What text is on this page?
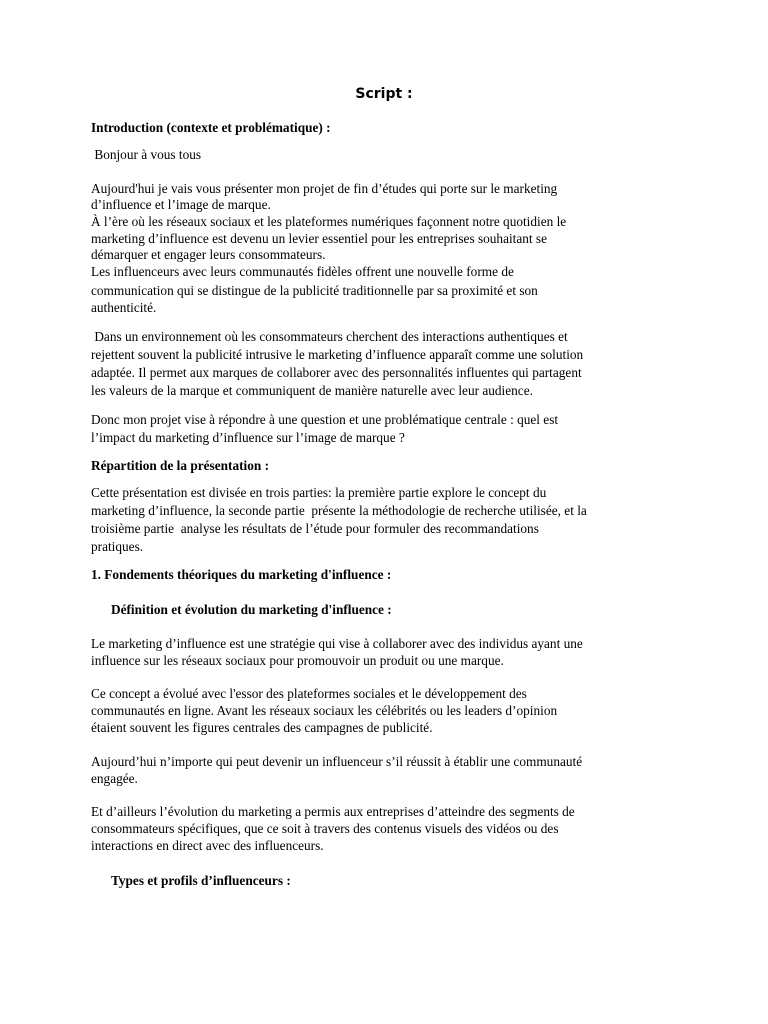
Script :
Introduction (contexte et problématique) :
Bonjour à vous tous
Aujourd'hui je vais vous présenter mon projet de fin d’études qui porte sur le marketing
d’influence et l’image de marque.
À l’ère où les réseaux sociaux et les plateformes numériques façonnent notre quotidien le
marketing d’influence est devenu un levier essentiel pour les entreprises souhaitant se
démarquer et engager leurs consommateurs.
Les influenceurs avec leurs communautés fidèles offrent une nouvelle forme de
communication qui se distingue de la publicité traditionnelle par sa proximité et son
authenticité.
Dans un environnement où les consommateurs cherchent des interactions authentiques et
rejettent souvent la publicité intrusive le marketing d’influence apparaît comme une solution
adaptée. Il permet aux marques de collaborer avec des personnalités influentes qui partagent
les valeurs de la marque et communiquent de manière naturelle avec leur audience.
Donc mon projet vise à répondre à une question et une problématique centrale : quel est
l’impact du marketing d’influence sur l’image de marque ?
Répartition de la présentation :
Cette présentation est divisée en trois parties: la première partie explore le concept du
marketing d’influence, la seconde partie  présente la méthodologie de recherche utilisée, et la
troisième partie  analyse les résultats de l’étude pour formuler des recommandations
pratiques.
1. Fondements théoriques du marketing d'influence :
Définition et évolution du marketing d'influence :
Le marketing d’influence est une stratégie qui vise à collaborer avec des individus ayant une
influence sur les réseaux sociaux pour promouvoir un produit ou une marque.
Ce concept a évolué avec l'essor des plateformes sociales et le développement des
communautés en ligne. Avant les réseaux sociaux les célébrités ou les leaders d’opinion
étaient souvent les figures centrales des campagnes de publicité.
Aujourd’hui n’importe qui peut devenir un influenceur s’il réussit à établir une communauté
engagée.
Et d’ailleurs l’évolution du marketing a permis aux entreprises d’atteindre des segments de
consommateurs spécifiques, que ce soit à travers des contenus visuels des vidéos ou des
interactions en direct avec des influenceurs.
Types et profils d’influenceurs :
